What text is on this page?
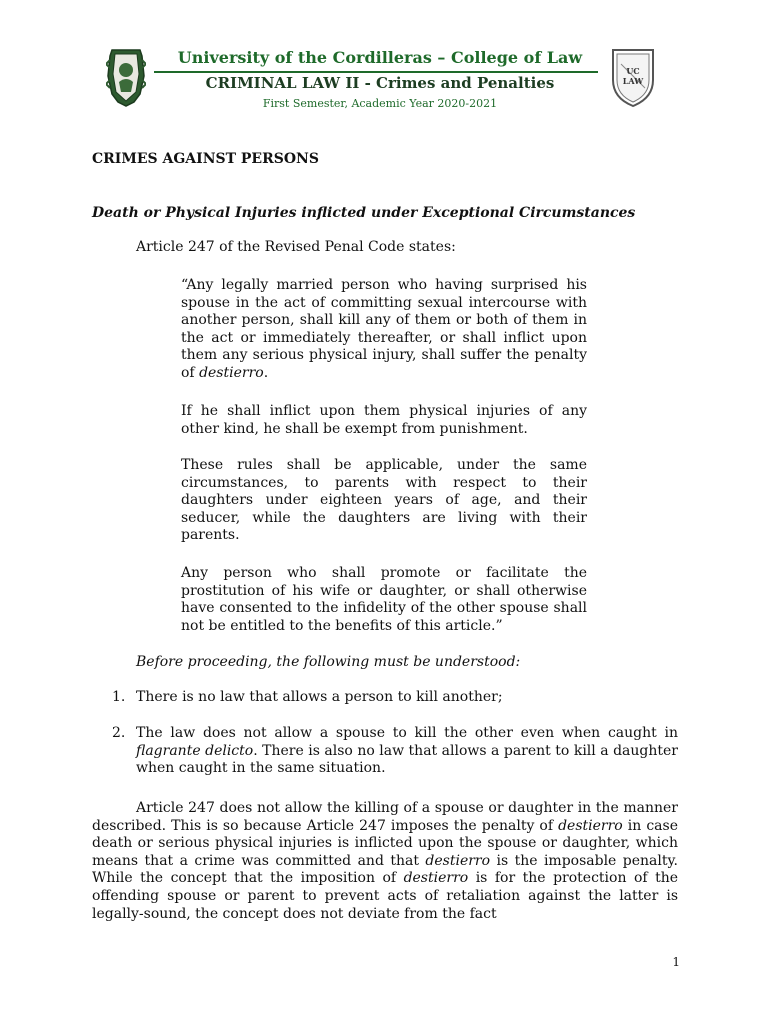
University of the Cordilleras – College of Law
CRIMINAL LAW II - Crimes and Penalties
First Semester, Academic Year 2020-2021
UC
LAW
CRIMES AGAINST PERSONS
Death or Physical Injuries inflicted under Exceptional Circumstances
Article 247 of the Revised Penal Code states:
“Any legally married person who having surprised his spouse in the act of committing sexual intercourse with another person, shall kill any of them or both of them in the act or immediately thereafter, or shall inflict upon them any serious physical injury, shall suffer the penalty of destierro.
If he shall inflict upon them physical injuries of any other kind, he shall be exempt from punishment.
These rules shall be applicable, under the same circumstances, to parents with respect to their daughters under eighteen years of age, and their seducer, while the daughters are living with their parents.
Any person who shall promote or facilitate the prostitution of his wife or daughter, or shall otherwise have consented to the infidelity of the other spouse shall not be entitled to the benefits of this article.”
Before proceeding, the following must be understood:
1. There is no law that allows a person to kill another;
2. The law does not allow a spouse to kill the other even when caught in flagrante delicto. There is also no law that allows a parent to kill a daughter when caught in the same situation.
Article 247 does not allow the killing of a spouse or daughter in the manner described. This is so because Article 247 imposes the penalty of destierro in case death or serious physical injuries is inflicted upon the spouse or daughter, which means that a crime was committed and that destierro is the imposable penalty. While the concept that the imposition of destierro is for the protection of the offending spouse or parent to prevent acts of retaliation against the latter is legally-sound, the concept does not deviate from the fact
1
